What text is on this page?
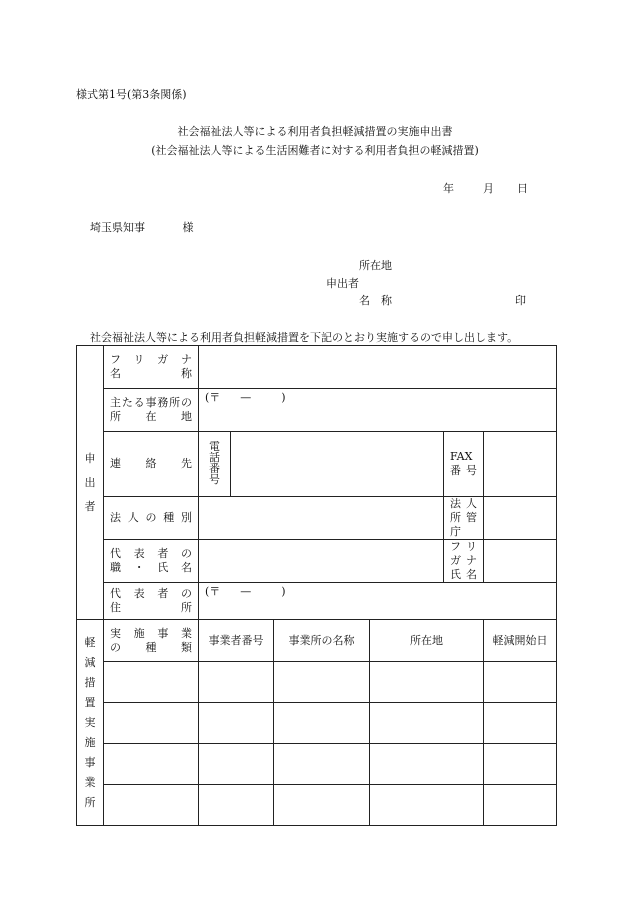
様式第1号(第3条関係)
社会福祉法人等による利用者負担軽減措置の実施申出書
(社会福祉法人等による生活困難者に対する利用者負担の軽減措置)
年	月 日
埼玉県知事	様
所在地
申出者
名　称	印
社会福祉法人等による利用者負担軽減措置を下記のとおり実施するので申し出します。
申出者	フリガナ
名称						

	主たる事務所の
所在地	(〒 — )					

	連絡先	電話番号				FAX
番号	

	法人の種別					法人
所管庁	

	代表者の
職・氏名					フリガナ
氏名	

	代表者の
住所	(〒 — )					

軽減措置実施事業所	実施事業
の種類	事業者番号		事業所の名称	所在地		軽減開始日
